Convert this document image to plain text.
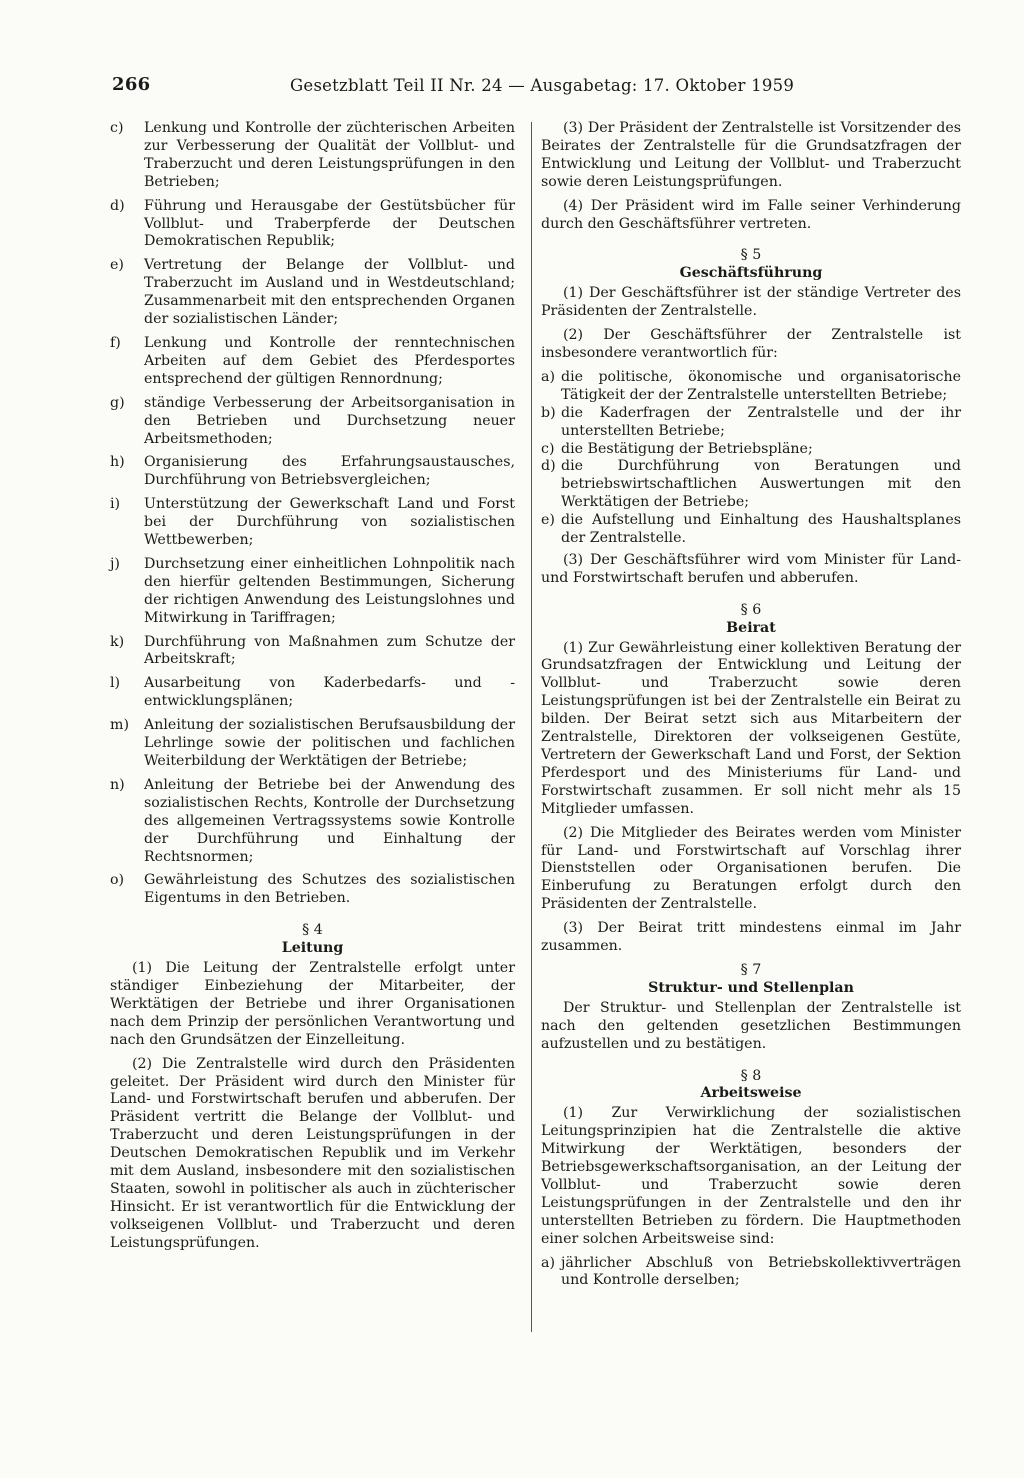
266	Gesetzblatt Teil II Nr. 24 — Ausgabetag: 17. Oktober 1959
c)	Lenkung und Kontrolle der züchterischen Arbeiten zur Verbesserung der Qualität der Vollblut- und Traberzucht und deren Leistungsprüfungen in den Betrieben;
d)	Führung und Herausgabe der Gestütsbücher für Vollblut- und Traberpferde der Deutschen Demokratischen Republik;
e)	Vertretung der Belange der Vollblut- und Traberzucht im Ausland und in Westdeutschland; Zusammenarbeit mit den entsprechenden Organen der sozialistischen Länder;
f)	Lenkung und Kontrolle der renntechnischen Arbeiten auf dem Gebiet des Pferdesportes entsprechend der gültigen Rennordnung;
g)	ständige Verbesserung der Arbeitsorganisation in den Betrieben und Durchsetzung neuer Arbeitsmethoden;
h)	Organisierung des Erfahrungsaustausches, Durchführung von Betriebsvergleichen;
i)	Unterstützung der Gewerkschaft Land und Forst bei der Durchführung von sozialistischen Wettbewerben;
j)	Durchsetzung einer einheitlichen Lohnpolitik nach den hierfür geltenden Bestimmungen, Sicherung der richtigen Anwendung des Leistungslohnes und Mitwirkung in Tariffragen;
k)	Durchführung von Maßnahmen zum Schutze der Arbeitskraft;
l)	Ausarbeitung von Kaderbedarfs- und -entwicklungsplänen;
m)	Anleitung der sozialistischen Berufsausbildung der Lehrlinge sowie der politischen und fachlichen Weiterbildung der Werktätigen der Betriebe;
n)	Anleitung der Betriebe bei der Anwendung des sozialistischen Rechts, Kontrolle der Durchsetzung des allgemeinen Vertragssystems sowie Kontrolle der Durchführung und Einhaltung der Rechtsnormen;
o)	Gewährleistung des Schutzes des sozialistischen Eigentums in den Betrieben.
§ 4
Leitung

(1) Die Leitung der Zentralstelle erfolgt unter ständiger Einbeziehung der Mitarbeiter, der Werktätigen der Betriebe und ihrer Organisationen nach dem Prinzip der persönlichen Verantwortung und nach den Grundsätzen der Einzelleitung.

(2) Die Zentralstelle wird durch den Präsidenten geleitet. Der Präsident wird durch den Minister für Land- und Forstwirtschaft berufen und abberufen. Der Präsident vertritt die Belange der Vollblut- und Traberzucht und deren Leistungsprüfungen in der Deutschen Demokratischen Republik und im Verkehr mit dem Ausland, insbesondere mit den sozialistischen Staaten, sowohl in politischer als auch in züchterischer Hinsicht. Er ist verantwortlich für die Entwicklung der volkseigenen Vollblut- und Traberzucht und deren Leistungsprüfungen.

(3) Der Präsident der Zentralstelle ist Vorsitzender des Beirates der Zentralstelle für die Grundsatzfragen der Entwicklung und Leitung der Vollblut- und Traberzucht sowie deren Leistungsprüfungen.

(4) Der Präsident wird im Falle seiner Verhinderung durch den Geschäftsführer vertreten.

§ 5
Geschäftsführung

(1) Der Geschäftsführer ist der ständige Vertreter des Präsidenten der Zentralstelle.

(2) Der Geschäftsführer der Zentralstelle ist insbesondere verantwortlich für:

a) die politische, ökonomische und organisatorische Tätigkeit der der Zentralstelle unterstellten Betriebe;
b) die Kaderfragen der Zentralstelle und der ihr unterstellten Betriebe;
c) die Bestätigung der Betriebspläne;
d) die Durchführung von Beratungen und betriebswirtschaftlichen Auswertungen mit den Werktätigen der Betriebe;
e) die Aufstellung und Einhaltung des Haushaltsplanes der Zentralstelle.

(3) Der Geschäftsführer wird vom Minister für Land- und Forstwirtschaft berufen und abberufen.

§ 6
Beirat

(1) Zur Gewährleistung einer kollektiven Beratung der Grundsatzfragen der Entwicklung und Leitung der Vollblut- und Traberzucht sowie deren Leistungsprüfungen ist bei der Zentralstelle ein Beirat zu bilden. Der Beirat setzt sich aus Mitarbeitern der Zentralstelle, Direktoren der volkseigenen Gestüte, Vertretern der Gewerkschaft Land und Forst, der Sektion Pferdesport und des Ministeriums für Land- und Forstwirtschaft zusammen. Er soll nicht mehr als 15 Mitglieder umfassen.

(2) Die Mitglieder des Beirates werden vom Minister für Land- und Forstwirtschaft auf Vorschlag ihrer Dienststellen oder Organisationen berufen. Die Einberufung zu Beratungen erfolgt durch den Präsidenten der Zentralstelle.

(3) Der Beirat tritt mindestens einmal im Jahr zusammen.

§ 7
Struktur- und Stellenplan

Der Struktur- und Stellenplan der Zentralstelle ist nach den geltenden gesetzlichen Bestimmungen aufzustellen und zu bestätigen.

§ 8
Arbeitsweise

(1) Zur Verwirklichung der sozialistischen Leitungsprinzipien hat die Zentralstelle die aktive Mitwirkung der Werktätigen, besonders der Betriebsgewerkschaftsorganisation, an der Leitung der Vollblut- und Traberzucht sowie deren Leistungsprüfungen in der Zentralstelle und den ihr unterstellten Betrieben zu fördern. Die Hauptmethoden einer solchen Arbeitsweise sind:

a) jährlicher Abschluß von Betriebskollektivverträgen und Kontrolle derselben;
